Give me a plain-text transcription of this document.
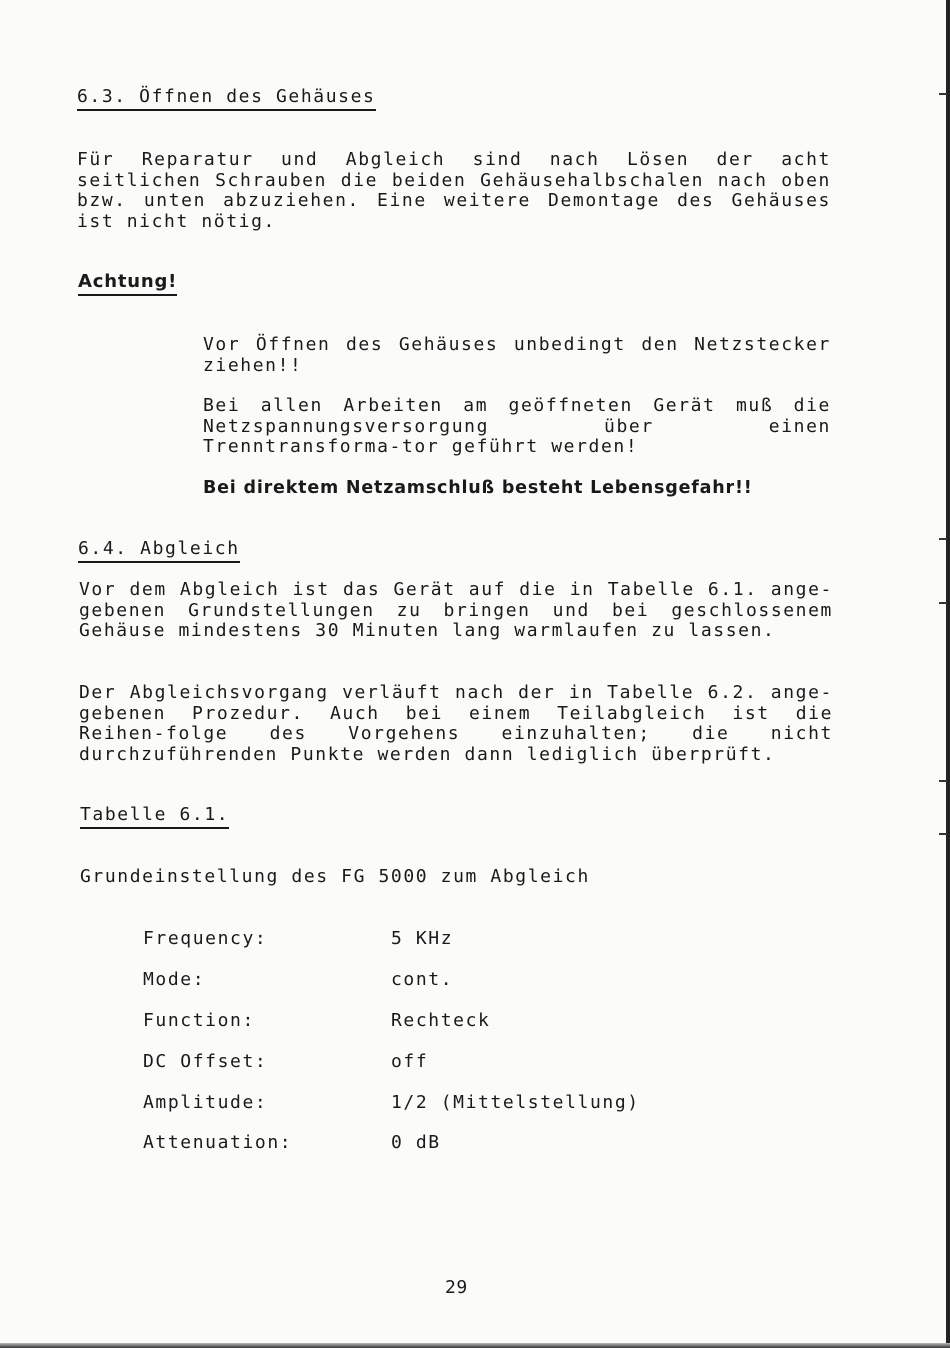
6.3. Öffnen des Gehäuses

Für Reparatur und Abgleich sind nach Lösen der acht seitlichen Schrauben die beiden Gehäusehalbschalen nach oben bzw. unten abzuziehen. Eine weitere Demontage des Gehäuses ist nicht nötig.

Achtung!

Vor Öffnen des Gehäuses unbedingt den Netzstecker ziehen!!

Bei allen Arbeiten am geöffneten Gerät muß die Netzspannungsversorgung über einen Trenntransforma-tor geführt werden!

Bei direktem Netzamschluß besteht Lebensgefahr!!
6.4. Abgleich

Vor dem Abgleich ist das Gerät auf die in Tabelle 6.1. ange-gebenen Grundstellungen zu bringen und bei geschlossenem Gehäuse mindestens 30 Minuten lang warmlaufen zu lassen.

Der Abgleichsvorgang verläuft nach der in Tabelle 6.2. ange-gebenen Prozedur. Auch bei einem Teilabgleich ist die Reihen-folge des Vorgehens einzuhalten; die nicht durchzuführenden Punkte werden dann lediglich überprüft.

Tabelle 6.1.
Grundeinstellung des FG 5000 zum Abgleich
Frequency:	5 KHz
Mode:	cont.
Function:	Rechteck
DC Offset:	off
Amplitude:	1/2 (Mittelstellung)
Attenuation:	0 dB
29
